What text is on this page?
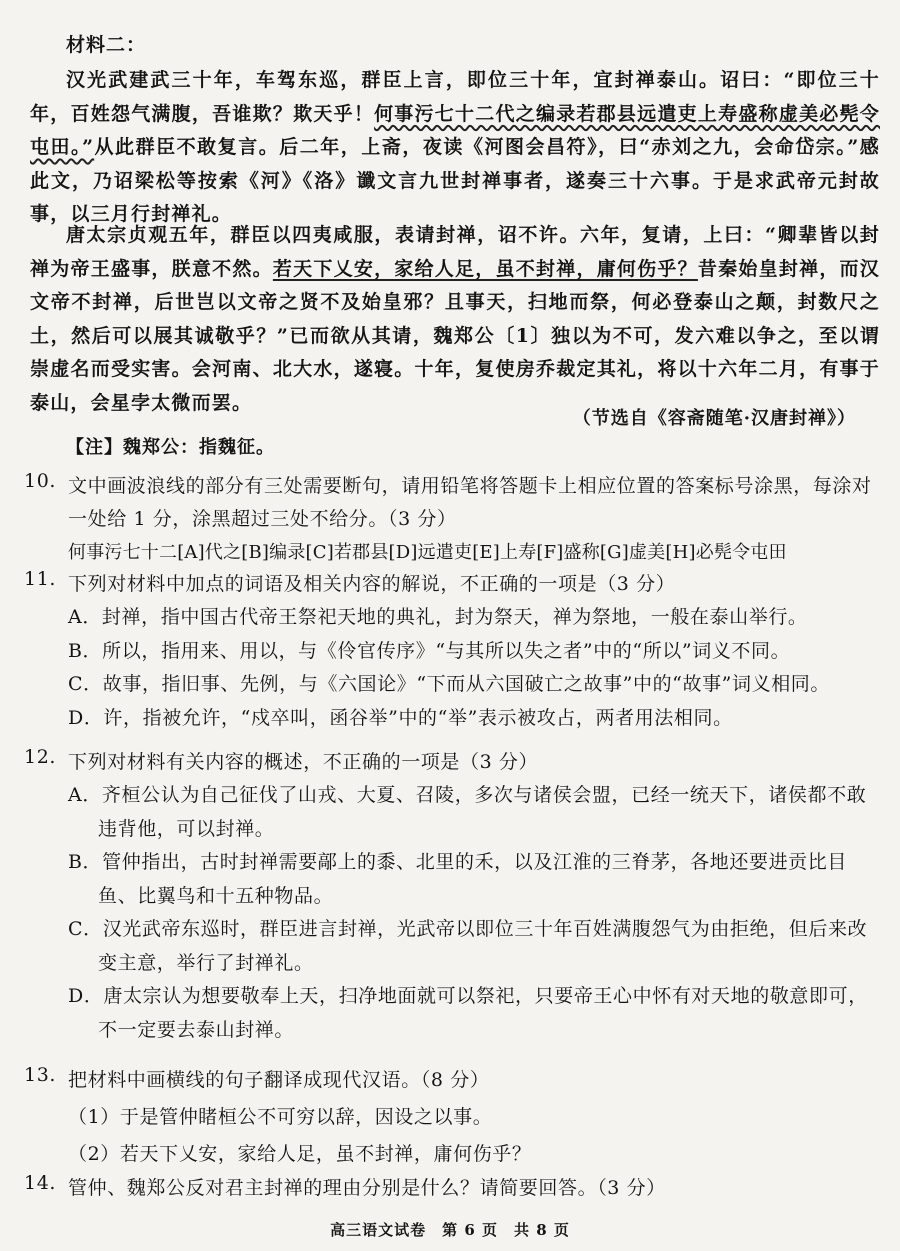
材料二：
汉光武建武三十年，车驾东巡，群臣上言，即位三十年，宜封禅泰山。诏曰：“即位三十年，百姓怨气满腹，吾谁欺？欺天乎！何事污七十二代之编录若郡县远遣吏上寿盛称虚美必髡令屯田。”从此群臣不敢复言。后二年，上斋，夜读《河图会昌符》，曰“赤刘之九，会命岱宗。”感此文，乃诏梁松等按索《河》《洛》谶文言九世封禅事者，遂奏三十六事。于是求武帝元封故事，以三月行封禅礼。
唐太宗贞观五年，群臣以四夷咸服，表请封禅，诏不许。六年，复请，上曰：“卿辈皆以封禅为帝王盛事，朕意不然。若天下乂安，家给人足，虽不封禅，庸何伤乎？昔秦始皇封禅，而汉文帝不封禅，后世岂以文帝之贤不及始皇邪？且事天，扫地而祭，何必登泰山之颠，封数尺之土，然后可以展其诚敬乎？”已而欲从其请，魏郑公〔1〕独以为不可，发六难以争之，至以谓崇虚名而受实害。会河南、北大水，遂寝。十年，复使房乔裁定其礼，将以十六年二月，有事于泰山，会星孛太微而罢。
（节选自《容斋随笔·汉唐封禅》）
【注】魏郑公：指魏征。
10. 文中画波浪线的部分有三处需要断句，请用铅笔将答题卡上相应位置的答案标号涂黑，每涂对一处给 1 分，涂黑超过三处不给分。（3 分）
何事污七十二[A]代之[B]编录[C]若郡县[D]远遣吏[E]上寿[F]盛称[G]虚美[H]必髡令屯田
11. 下列对材料中加点的词语及相关内容的解说，不正确的一项是（3 分）
A．封禅，指中国古代帝王祭祀天地的典礼，封为祭天，禅为祭地，一般在泰山举行。
B．所以，指用来、用以，与《伶官传序》“与其所以失之者”中的“所以”词义不同。
C．故事，指旧事、先例，与《六国论》“下而从六国破亡之故事”中的“故事”词义相同。
D．许，指被允许，“戍卒叫，函谷举”中的“举”表示被攻占，两者用法相同。
12. 下列对材料有关内容的概述，不正确的一项是（3 分）
A．齐桓公认为自己征伐了山戎、大夏、召陵，多次与诸侯会盟，已经一统天下，诸侯都不敢违背他，可以封禅。
B．管仲指出，古时封禅需要鄗上的黍、北里的禾，以及江淮的三脊茅，各地还要进贡比目鱼、比翼鸟和十五种物品。
C．汉光武帝东巡时，群臣进言封禅，光武帝以即位三十年百姓满腹怨气为由拒绝，但后来改变主意，举行了封禅礼。
D．唐太宗认为想要敬奉上天，扫净地面就可以祭祀，只要帝王心中怀有对天地的敬意即可，不一定要去泰山封禅。
13. 把材料中画横线的句子翻译成现代汉语。（8 分）
（1）于是管仲睹桓公不可穷以辞，因设之以事。
（2）若天下乂安，家给人足，虽不封禅，庸何伤乎？
14. 管仲、魏郑公反对君主封禅的理由分别是什么？请简要回答。（3 分）
高三语文试卷　第 6 页　共 8 页
